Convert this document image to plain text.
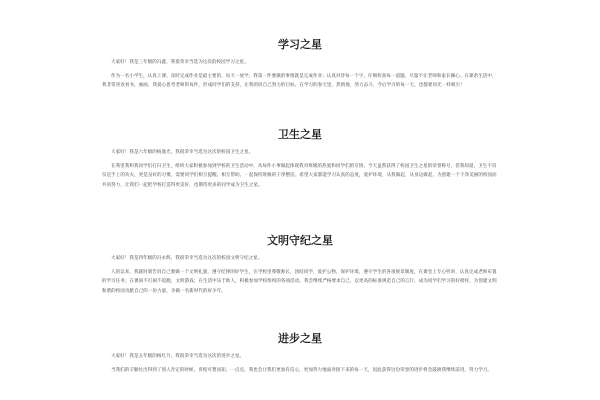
学习之星

大家好！我是三年级的冯鑫，我很荣幸当选为这次的校园学习之星。

作为一名小学生，认真上课、及时完成作业是最主要的，每天一放学，我第一件要做的事情就是完成作业；认真对待每一个字，仔细检查每一道题，尽量不让老师和家长操心。在课余生活中，我非常喜欢看书，画画，我爱心思考老师的每件，形成同学们的支持，让我的同自己努力的目标，在学习的春天里，热情地，努力奋斗，今后学习的每一天，也都要同光一样吸引！

卫生之星

大家好！我是六年级的杨逸光，我很荣幸当选为这次的校园卫生之星。

在我里我和我同学们打扫卫生，组织大家积极参加到学校的卫生活动中，从每件小事做起体现我对班级的热爱和同学们的友情。今天虽然获得了校园卫生之星的荣誉称号，但我知道，卫生不仅仅是手上的功夫，更是良好的习惯，需要同学们相互提醒、相互帮助、一起保持班级的干净整洁。希望大家都能学习认真的态度，爱护环境，从我做起，从身边做起，为创建一个干净美丽的校园而共同努力，让我们一起把学校打造得更美好，也期待更多的同学成为卫生之星。

文明守纪之星

大家好！我是四年级的冯永辉，我很荣幸当选为这次的校园文明守纪之星。

人的以来，我就时刻告诉自己要做一个文明礼貌、遵守纪律的好学生，在学校里尊敬师长，团结同学，爱护公物，保护环境，遵守学生的各项规章制度，在课堂上专心听讲，认真完成老师布置的学习任务；在课间不打闹不追跑，文明游戏；在生活中乐于助人，积极参加学校组织的各项活动。我会继续严格要求自己，以更高的标准规范自己的言行，成为同学们学习的好榜样，为创建文明和谐的校园贡献自己的一份力量，争做一名新时代的好少年。

进步之星

大家好！我是五年级的杨红月，我很荣幸当选为这次的进步之星。

当我们的辛勤付出得到了别人肯定的时候，喜悦可想而知，一点点，我也会让我们更加有信心，更加努力地面对接下来的每一天，因此获得这份荣誉的进步将会鼓励我继续前进，努力学习。
